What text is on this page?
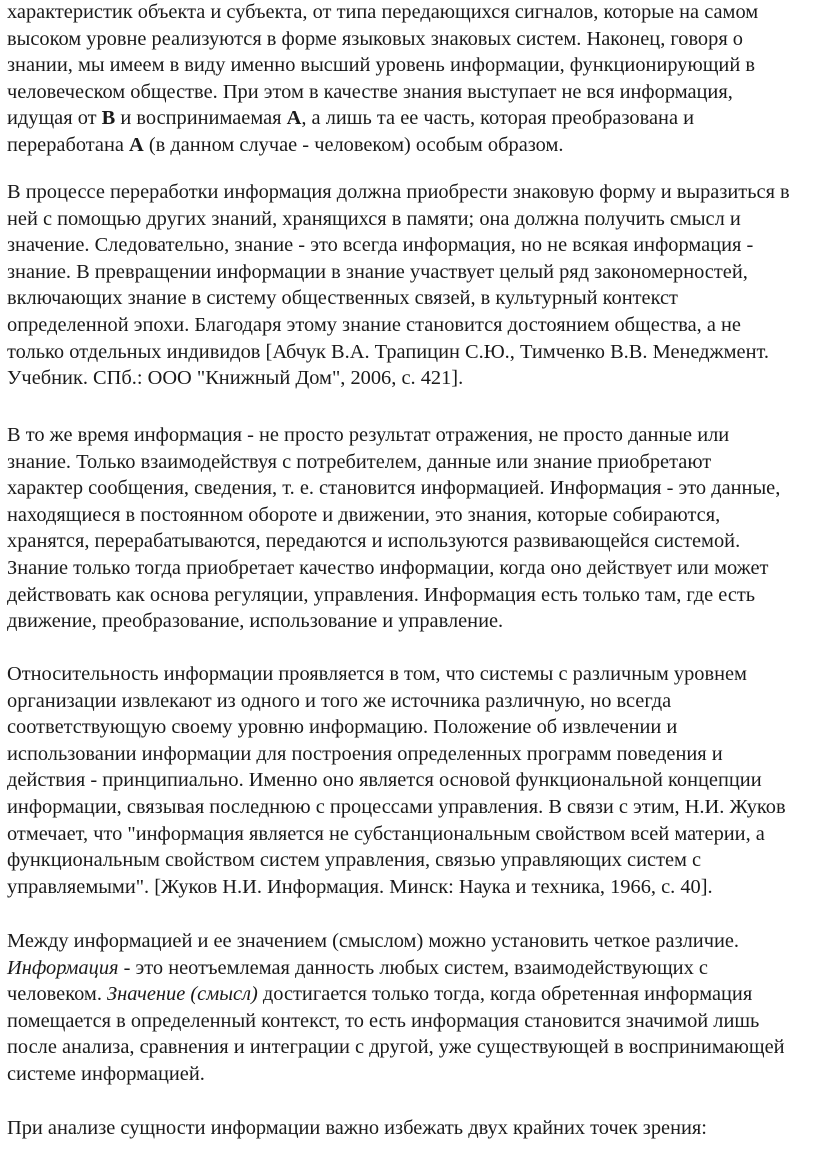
характеристик объекта и субъекта, от типа передающихся сигналов, которые на самом
высоком уровне реализуются в форме языковых знаковых систем. Наконец, говоря о
знании, мы имеем в виду именно высший уровень информации, функционирующий в
человеческом обществе. При этом в качестве знания выступает не вся информация,
идущая от В и воспринимаемая А, а лишь та ее часть, которая преобразована и
переработана А (в данном случае - человеком) особым образом.
В процессе переработки информация должна приобрести знаковую форму и выразиться в
ней с помощью других знаний, хранящихся в памяти; она должна получить смысл и
значение. Следовательно, знание - это всегда информация, но не всякая информация -
знание. В превращении информации в знание участвует целый ряд закономерностей,
включающих знание в систему общественных связей, в культурный контекст
определенной эпохи. Благодаря этому знание становится достоянием общества, а не
только отдельных индивидов [Абчук В.А. Трапицин С.Ю., Тимченко В.В. Менеджмент.
Учебник. СПб.: ООО "Книжный Дом", 2006, с. 421].
В то же время информация - не просто результат отражения, не просто данные или
знание. Только взаимодействуя с потребителем, данные или знание приобретают
характер сообщения, сведения, т. е. становится информацией. Информация - это данные,
находящиеся в постоянном обороте и движении, это знания, которые собираются,
хранятся, перерабатываются, передаются и используются развивающейся системой.
Знание только тогда приобретает качество информации, когда оно действует или может
действовать как основа регуляции, управления. Информация есть только там, где есть
движение, преобразование, использование и управление.
Относительность информации проявляется в том, что системы с различным уровнем
организации извлекают из одного и того же источника различную, но всегда
соответствующую своему уровню информацию. Положение об извлечении и
использовании информации для построения определенных программ поведения и
действия - принципиально. Именно оно является основой функциональной концепции
информации, связывая последнюю с процессами управления. В связи с этим, Н.И. Жуков
отмечает, что "информация является не субстанциональным свойством всей материи, а
функциональным свойством систем управления, связью управляющих систем с
управляемыми". [Жуков Н.И. Информация. Минск: Наука и техника, 1966, с. 40].
Между информацией и ее значением (смыслом) можно установить четкое различие.
Информация - это неотъемлемая данность любых систем, взаимодействующих с
человеком. Значение (смысл) достигается только тогда, когда обретенная информация
помещается в определенный контекст, то есть информация становится значимой лишь
после анализа, сравнения и интеграции с другой, уже существующей в воспринимающей
системе информацией.
При анализе сущности информации важно избежать двух крайних точек зрения:
